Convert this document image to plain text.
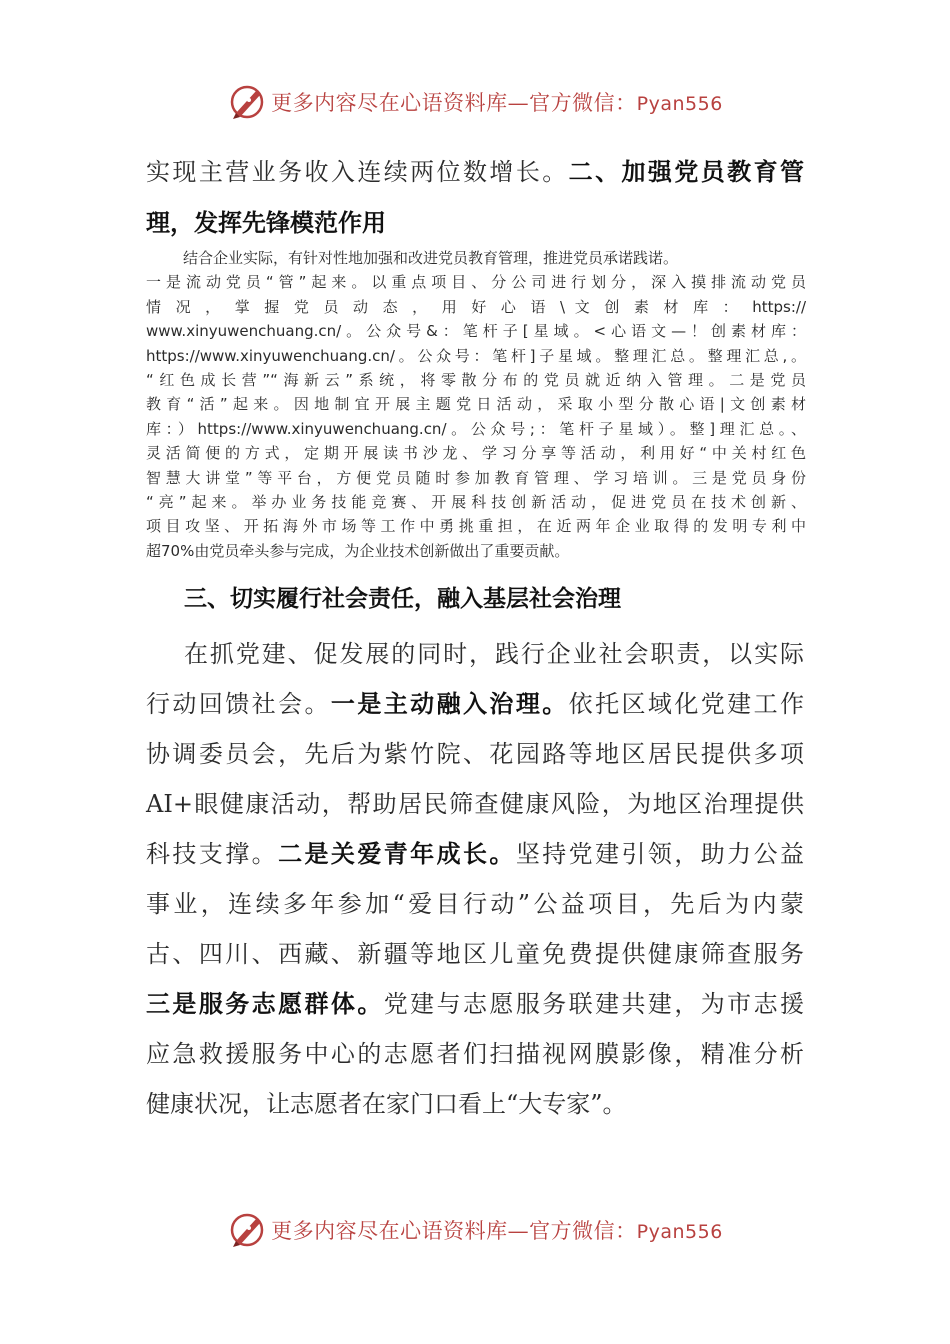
更多内容尽在心语资料库—官方微信：Pyan556

实现主营业务收入连续两位数增长。二、加强党员教育管

理，发挥先锋模范作用

结合企业实际，有针对性地加强和改进党员教育管理，推进党员承诺践诺。
一是流动党员“管”起来。以重点项目、分公司进行划分，深入摸排流动党员
情 况 ， 掌 握 党 员 动 态 ， 用 好 心 语 \ 文 创 素 材 库 ： https://
www.xinyuwenchuang.cn/。公众号&：笔杆子[星域。<心语文—！创素材库：
https://www.xinyuwenchuang.cn/。公众号：笔杆]子星域。整理汇总。整理汇总,。
“红色成长营”“海新云”系统，将零散分布的党员就近纳入管理。二是党员
教育“活”起来。因地制宜开展主题党日活动，采取小型分散心语|文创素材
库：）https://www.xinyuwenchuang.cn/。公众号;：笔杆子星域）。整]理汇总。、
灵活简便的方式，定期开展读书沙龙、学习分享等活动，利用好“中关村红色
智慧大讲堂”等平台，方便党员随时参加教育管理、学习培训。三是党员身份
“亮”起来。举办业务技能竞赛、开展科技创新活动，促进党员在技术创新、
项目攻坚、开拓海外市场等工作中勇挑重担，在近两年企业取得的发明专利中
超70%由党员牵头参与完成，为企业技术创新做出了重要贡献。
三、切实履行社会责任，融入基层社会治理

在抓党建、促发展的同时，践行企业社会职责，以实际

行动回馈社会。一是主动融入治理。依托区域化党建工作

协调委员会，先后为紫竹院、花园路等地区居民提供多项

AI+眼健康活动，帮助居民筛查健康风险，为地区治理提供

科技支撑。二是关爱青年成长。坚持党建引领，助力公益

事业，连续多年参加“爱目行动”公益项目，先后为内蒙

古、四川、西藏、新疆等地区儿童免费提供健康筛查服务

三是服务志愿群体。党建与志愿服务联建共建，为市志援

应急救援服务中心的志愿者们扫描视网膜影像，精准分析

健康状况，让志愿者在家门口看上“大专家”。

更多内容尽在心语资料库—官方微信：Pyan556
